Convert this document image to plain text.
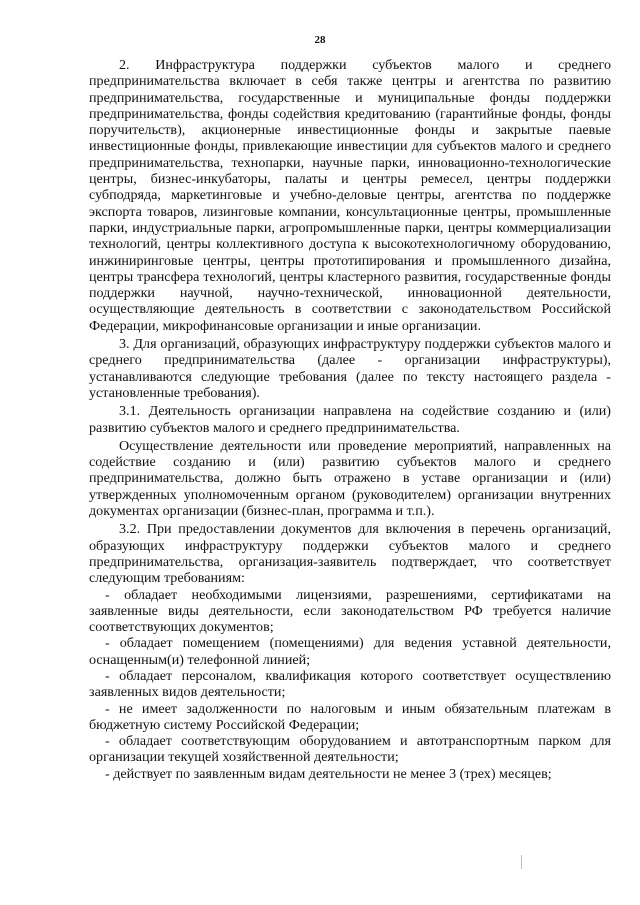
28

2. Инфраструктура поддержки субъектов малого и среднего предпринимательства включает в себя также центры и агентства по развитию предпринимательства, государственные и муниципальные фонды поддержки предпринимательства, фонды содействия кредитованию (гарантийные фонды, фонды поручительств), акционерные инвестиционные фонды и закрытые паевые инвестиционные фонды, привлекающие инвестиции для субъектов малого и среднего предпринимательства, технопарки, научные парки, инновационно-технологические центры, бизнес-инкубаторы, палаты и центры ремесел, центры поддержки субподряда, маркетинговые и учебно-деловые центры, агентства по поддержке экспорта товаров, лизинговые компании, консультационные центры, промышленные парки, индустриальные парки, агропромышленные парки, центры коммерциализации технологий, центры коллективного доступа к высокотехнологичному оборудованию, инжиниринговые центры, центры прототипирования и промышленного дизайна, центры трансфера технологий, центры кластерного развития, государственные фонды поддержки научной, научно-технической, инновационной деятельности, осуществляющие деятельность в соответствии с законодательством Российской Федерации, микрофинансовые организации и иные организации.

3. Для организаций, образующих инфраструктуру поддержки субъектов малого и среднего предпринимательства (далее - организации инфраструктуры), устанавливаются следующие требования (далее по тексту настоящего раздела - установленные требования).

3.1. Деятельность организации направлена на содействие созданию и (или) развитию субъектов малого и среднего предпринимательства.

Осуществление деятельности или проведение мероприятий, направленных на содействие созданию и (или) развитию субъектов малого и среднего предпринимательства, должно быть отражено в уставе организации и (или) утвержденных уполномоченным органом (руководителем) организации внутренних документах организации (бизнес-план, программа и т.п.).

3.2. При предоставлении документов для включения в перечень организаций, образующих инфраструктуру поддержки субъектов малого и среднего предпринимательства, организация-заявитель подтверждает, что соответствует следующим требованиям:

- обладает необходимыми лицензиями, разрешениями, сертификатами на заявленные виды деятельности, если законодательством РФ требуется наличие соответствующих документов;

- обладает помещением (помещениями) для ведения уставной деятельности, оснащенным(и) телефонной линией;

- обладает персоналом, квалификация которого соответствует осуществлению заявленных видов деятельности;

- не имеет задолженности по налоговым и иным обязательным платежам в бюджетную систему Российской Федерации;

- обладает соответствующим оборудованием и автотранспортным парком для организации текущей хозяйственной деятельности;

- действует по заявленным видам деятельности не менее 3 (трех) месяцев;
